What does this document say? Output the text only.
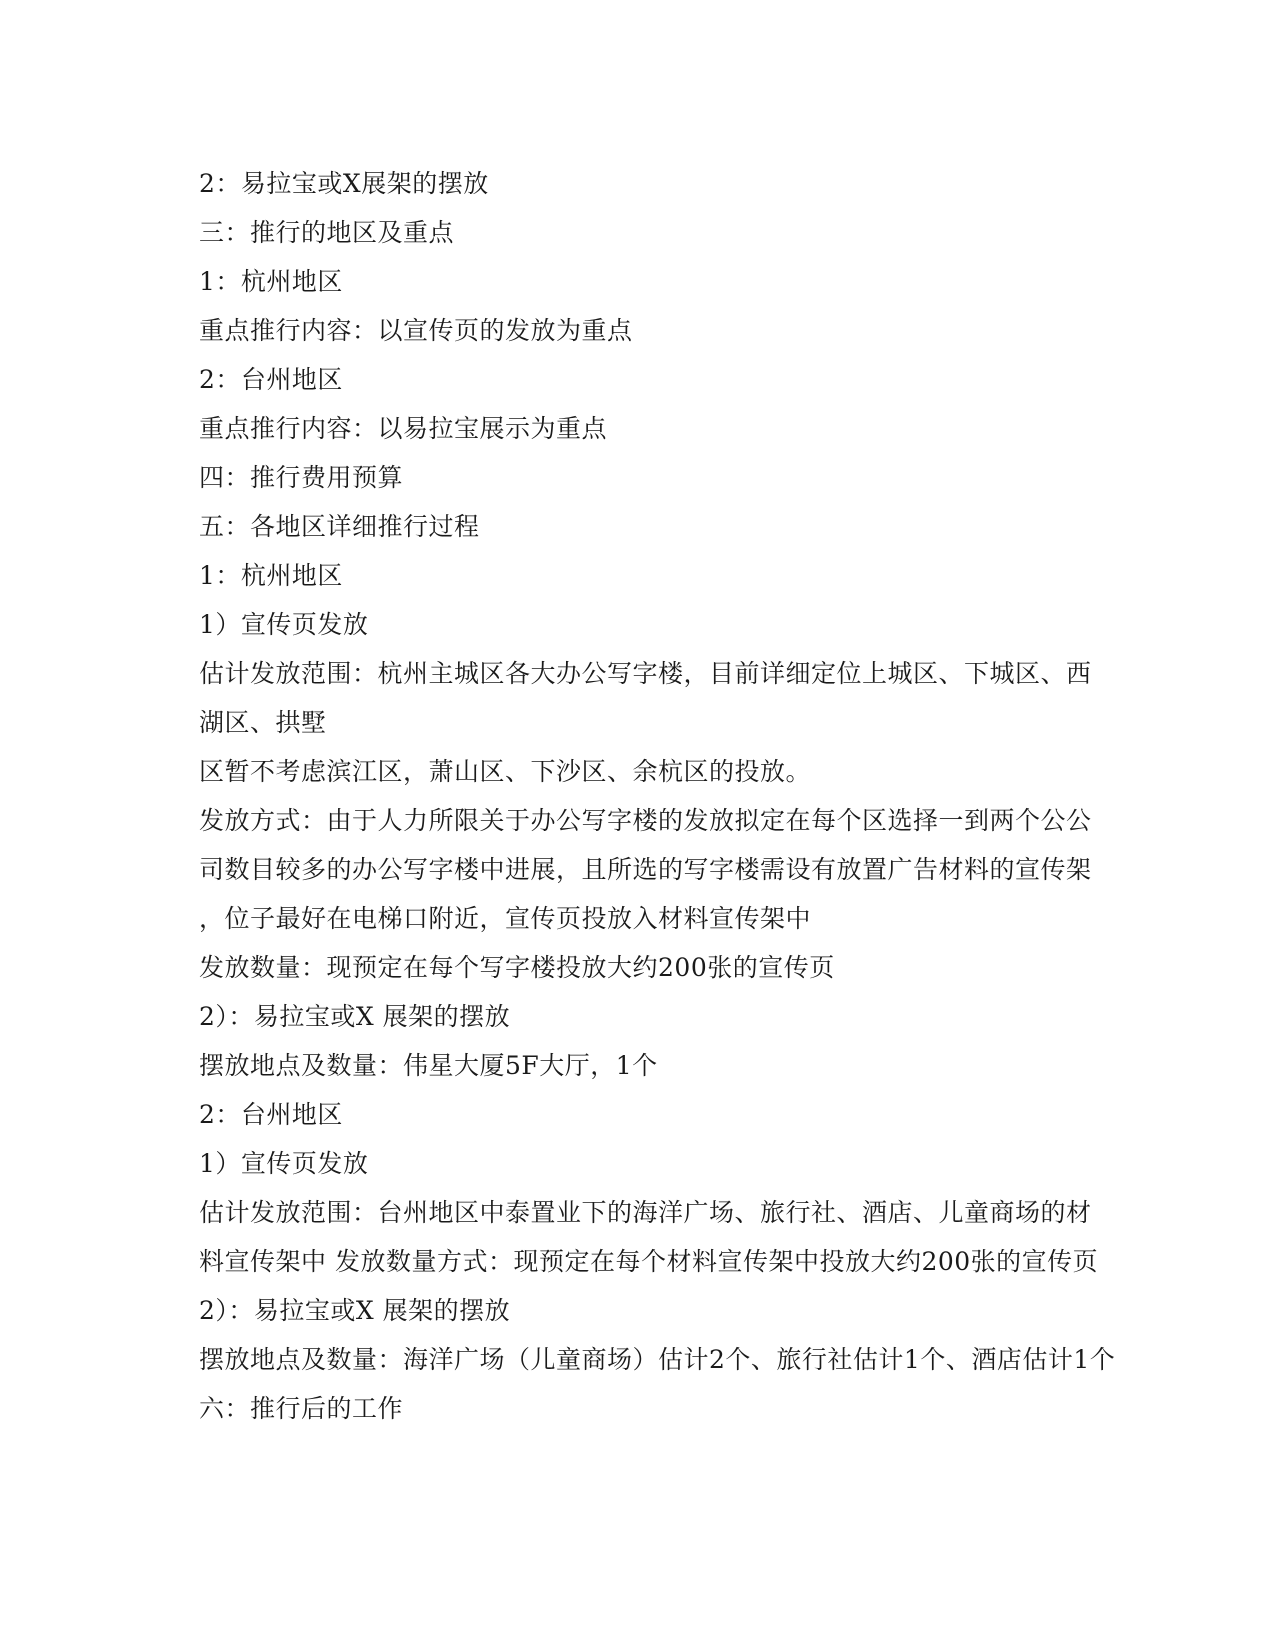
2：易拉宝或X展架的摆放
三：推行的地区及重点
1：杭州地区
重点推行内容：以宣传页的发放为重点
2：台州地区
重点推行内容：以易拉宝展示为重点
四：推行费用预算
五：各地区详细推行过程
1：杭州地区
1）宣传页发放
估计发放范围：杭州主城区各大办公写字楼，目前详细定位上城区、下城区、西
湖区、拱墅
区暂不考虑滨江区，萧山区、下沙区、余杭区的投放。
发放方式：由于人力所限关于办公写字楼的发放拟定在每个区选择一到两个公公
司数目较多的办公写字楼中进展，且所选的写字楼需设有放置广告材料的宣传架
，位子最好在电梯口附近，宣传页投放入材料宣传架中
发放数量：现预定在每个写字楼投放大约200张的宣传页
2）：易拉宝或X 展架的摆放
摆放地点及数量：伟星大厦5F大厅，1个
2：台州地区
1）宣传页发放
估计发放范围：台州地区中泰置业下的海洋广场、旅行社、酒店、儿童商场的材
料宣传架中 发放数量方式：现预定在每个材料宣传架中投放大约200张的宣传页
2）：易拉宝或X 展架的摆放
摆放地点及数量：海洋广场（儿童商场）估计2个、旅行社估计1个、酒店估计1个
六：推行后的工作
